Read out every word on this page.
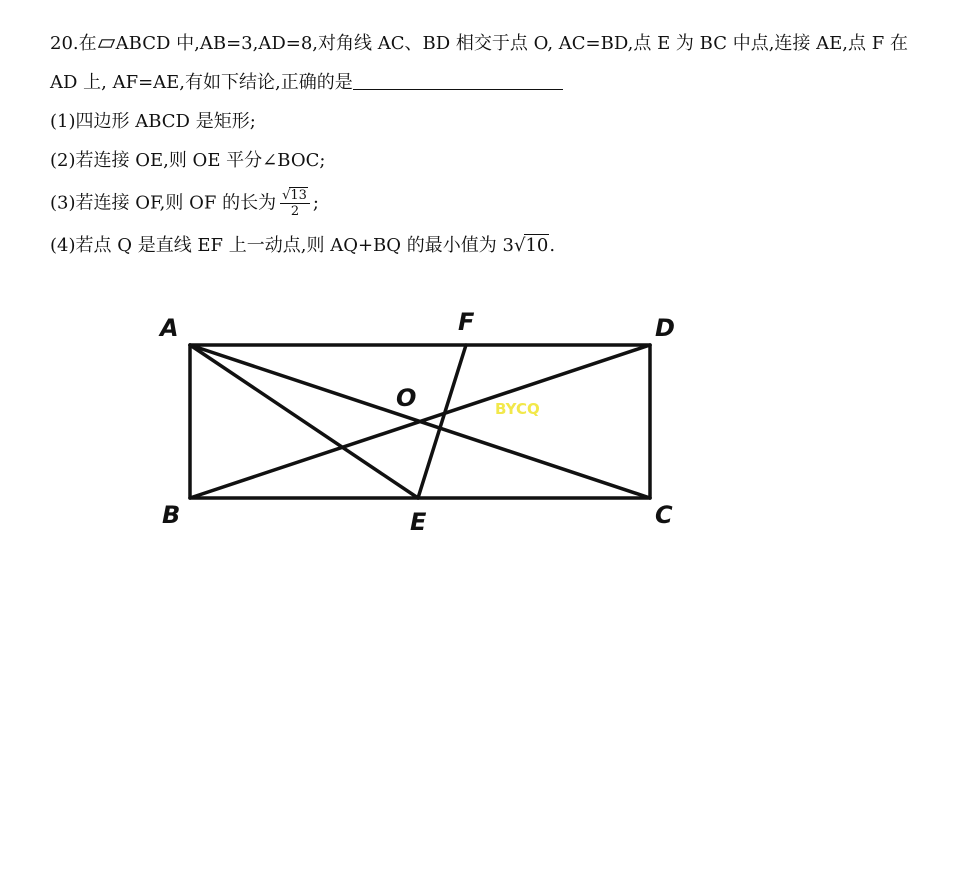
20.在 ABCD 中,AB=3,AD=8,对角线 AC、BD 相交于点 O, AC=BD,点 E 为 BC 中点,连接 AE,点 F 在
AD 上, AF=AE,有如下结论,正确的是
(1)四边形 ABCD 是矩形;
(2)若连接 OE,则 OE 平分∠BOC;
(3)若连接 OF,则 OF 的长为 $\frac{√13}{2}$ ;
(4)若点 Q 是直线 EF 上一动点,则 AQ+BQ 的最小值为 3√10.
A	F	D
O	BYCQ
B	E	C
